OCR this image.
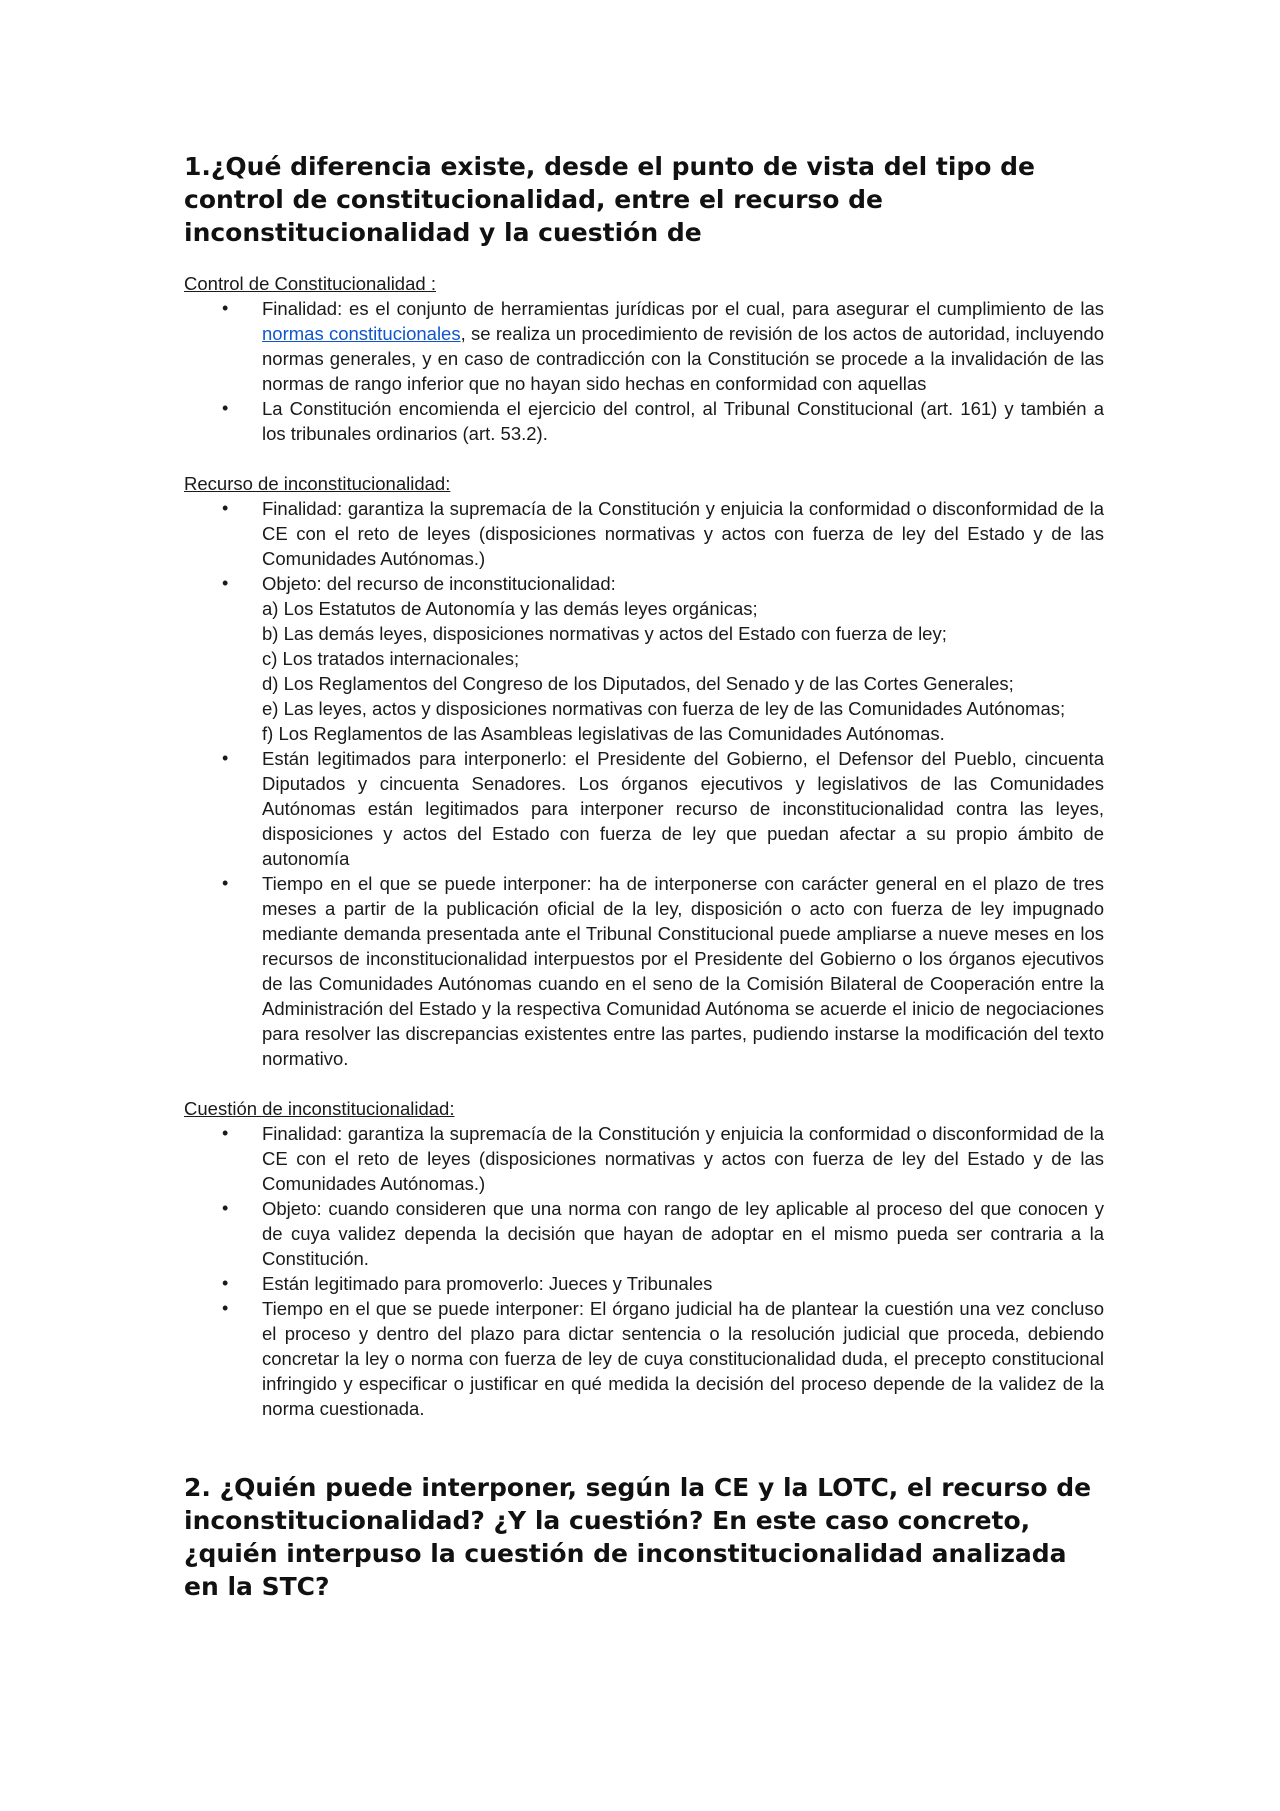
1.¿Qué diferencia existe, desde el punto de vista del tipo de control de constitucionalidad, entre el recurso de inconstitucionalidad y la cuestión de

Control de Constitucionalidad :

• Finalidad: es el conjunto de herramientas jurídicas por el cual, para asegurar el cumplimiento de las normas constitucionales, se realiza un procedimiento de revisión de los actos de autoridad, incluyendo normas generales, y en caso de contradicción con la Constitución se procede a la invalidación de las normas de rango inferior que no hayan sido hechas en conformidad con aquellas
• La Constitución encomienda el ejercicio del control, al Tribunal Constitucional (art. 161) y también a los tribunales ordinarios (art. 53.2).

Recurso de inconstitucionalidad:

• Finalidad: garantiza la supremacía de la Constitución y enjuicia la conformidad o disconformidad de la CE con el reto de leyes (disposiciones normativas y actos con fuerza de ley del Estado y de las Comunidades Autónomas.)
• Objeto: del recurso de inconstitucionalidad:
a) Los Estatutos de Autonomía y las demás leyes orgánicas;
b) Las demás leyes, disposiciones normativas y actos del Estado con fuerza de ley;
c) Los tratados internacionales;
d) Los Reglamentos del Congreso de los Diputados, del Senado y de las Cortes Generales;
e) Las leyes, actos y disposiciones normativas con fuerza de ley de las Comunidades Autónomas;
f) Los Reglamentos de las Asambleas legislativas de las Comunidades Autónomas.
• Están legitimados para interponerlo: el Presidente del Gobierno, el Defensor del Pueblo, cincuenta Diputados y cincuenta Senadores. Los órganos ejecutivos y legislativos de las Comunidades Autónomas están legitimados para interponer recurso de inconstitucionalidad contra las leyes, disposiciones y actos del Estado con fuerza de ley que puedan afectar a su propio ámbito de autonomía
• Tiempo en el que se puede interponer: ha de interponerse con carácter general en el plazo de tres meses a partir de la publicación oficial de la ley, disposición o acto con fuerza de ley impugnado mediante demanda presentada ante el Tribunal Constitucional puede ampliarse a nueve meses en los recursos de inconstitucionalidad interpuestos por el Presidente del Gobierno o los órganos ejecutivos de las Comunidades Autónomas cuando en el seno de la Comisión Bilateral de Cooperación entre la Administración del Estado y la respectiva Comunidad Autónoma se acuerde el inicio de negociaciones para resolver las discrepancias existentes entre las partes, pudiendo instarse la modificación del texto normativo.

Cuestión de inconstitucionalidad:

• Finalidad: garantiza la supremacía de la Constitución y enjuicia la conformidad o disconformidad de la CE con el reto de leyes (disposiciones normativas y actos con fuerza de ley del Estado y de las Comunidades Autónomas.)
• Objeto: cuando consideren que una norma con rango de ley aplicable al proceso del que conocen y de cuya validez dependa la decisión que hayan de adoptar en el mismo pueda ser contraria a la Constitución.
• Están legitimado para promoverlo: Jueces y Tribunales
• Tiempo en el que se puede interponer: El órgano judicial ha de plantear la cuestión una vez concluso el proceso y dentro del plazo para dictar sentencia o la resolución judicial que proceda, debiendo concretar la ley o norma con fuerza de ley de cuya constitucionalidad duda, el precepto constitucional infringido y especificar o justificar en qué medida la decisión del proceso depende de la validez de la norma cuestionada.
2. ¿Quién puede interponer, según la CE y la LOTC, el recurso de inconstitucionalidad? ¿Y la cuestión? En este caso concreto, ¿quién interpuso la cuestión de inconstitucionalidad analizada en la STC?
